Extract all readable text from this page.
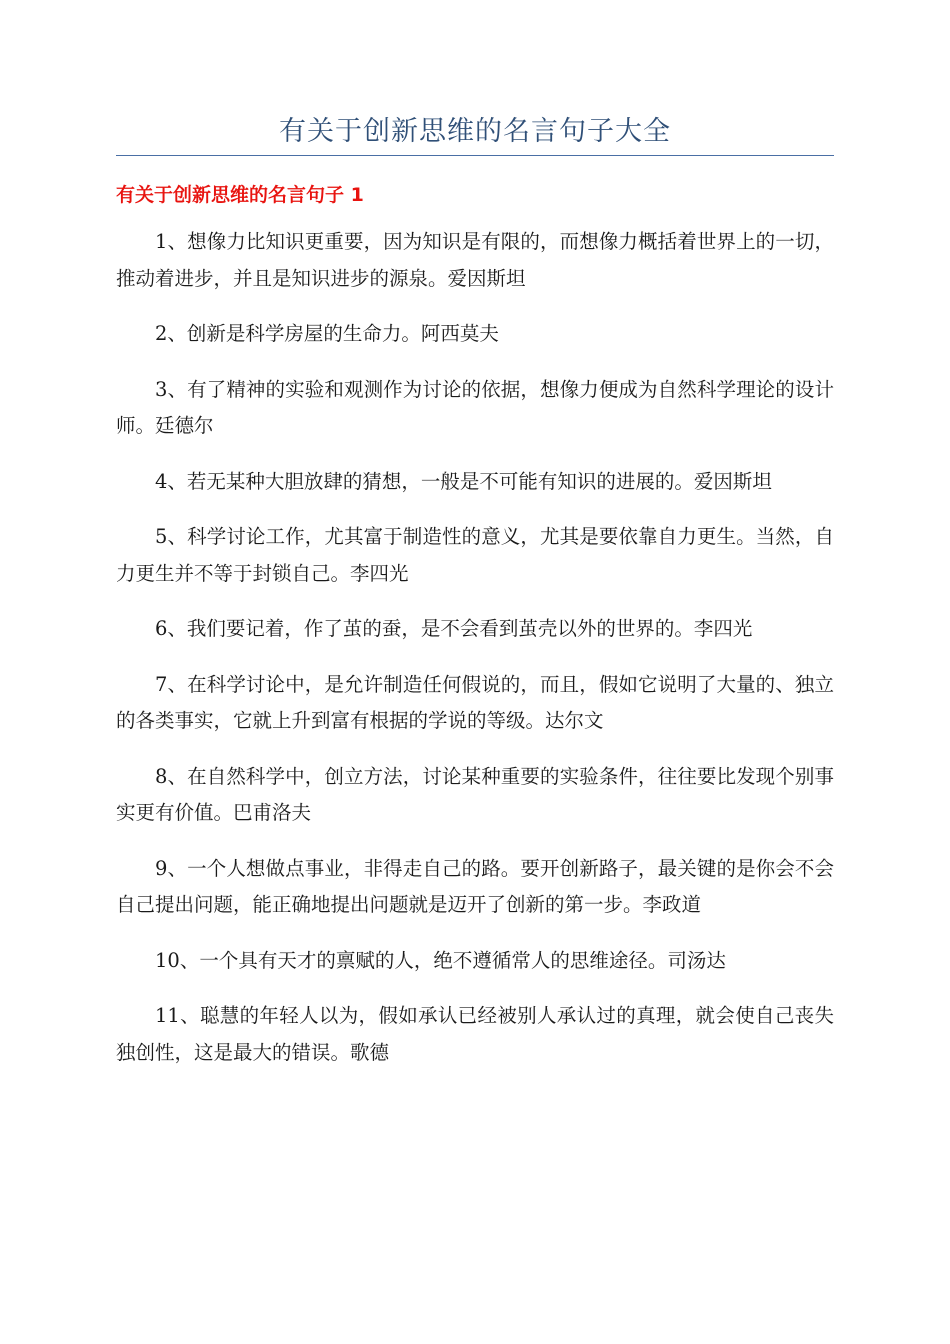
有关于创新思维的名言句子大全
有关于创新思维的名言句子 1
1、想像力比知识更重要，因为知识是有限的，而想像力概括着世界上的一切，推动着进步，并且是知识进步的源泉。爱因斯坦
2、创新是科学房屋的生命力。阿西莫夫
3、有了精神的实验和观测作为讨论的依据，想像力便成为自然科学理论的设计师。廷德尔
4、若无某种大胆放肆的猜想，一般是不可能有知识的进展的。爱因斯坦
5、科学讨论工作，尤其富于制造性的意义，尤其是要依靠自力更生。当然，自力更生并不等于封锁自己。李四光
6、我们要记着，作了茧的蚕，是不会看到茧壳以外的世界的。李四光
7、在科学讨论中，是允许制造任何假说的，而且，假如它说明了大量的、独立的各类事实，它就上升到富有根据的学说的等级。达尔文
8、在自然科学中，创立方法，讨论某种重要的实验条件，往往要比发现个别事实更有价值。巴甫洛夫
9、一个人想做点事业，非得走自己的路。要开创新路子，最关键的是你会不会自己提出问题，能正确地提出问题就是迈开了创新的第一步。李政道
10、一个具有天才的禀赋的人，绝不遵循常人的思维途径。司汤达
11、聪慧的年轻人以为，假如承认已经被别人承认过的真理，就会使自己丧失独创性，这是最大的错误。歌德
